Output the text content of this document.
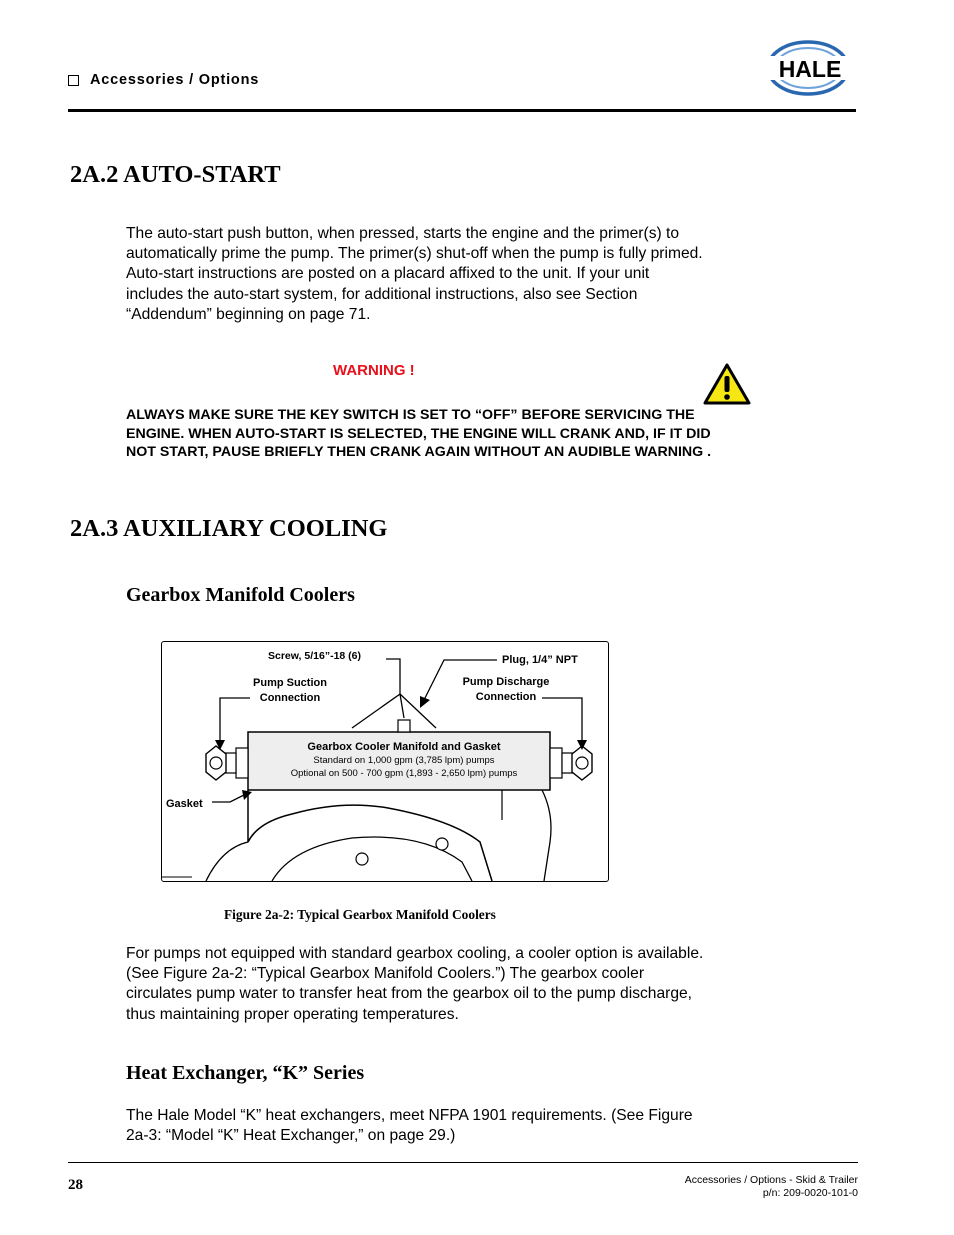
Accessories / Options	HALE
2A.2 AUTO-START
The auto-start push button, when pressed, starts the engine and the primer(s) to automatically prime the pump. The primer(s) shut-off when the pump is fully primed. Auto-start instructions are posted on a placard affixed to the unit. If your unit includes the auto-start system, for additional instructions, also see Section “Addendum” beginning on page 71.
WARNING !
ALWAYS MAKE SURE THE KEY SWITCH IS SET TO “OFF” BEFORE SERVICING THE ENGINE. WHEN AUTO-START IS SELECTED, THE ENGINE WILL CRANK AND, IF IT DID NOT START, PAUSE BRIEFLY THEN CRANK AGAIN WITHOUT AN AUDIBLE WARNING .
2A.3 AUXILIARY COOLING
Gearbox Manifold Coolers
Screw, 5/16”-18 (6)	Plug, 1/4” NPT
Pump Suction
Connection
Pump Discharge
Connection
Gearbox Cooler Manifold and Gasket
Standard on 1,000 gpm (3,785 lpm) pumps
Optional on 500 - 700 gpm (1,893 - 2,650 lpm) pumps
Gasket
Figure 2a-2: Typical Gearbox Manifold Coolers
For pumps not equipped with standard gearbox cooling, a cooler option is available. (See Figure 2a-2: “Typical Gearbox Manifold Coolers.”) The gearbox cooler circulates pump water to transfer heat from the gearbox oil to the pump discharge, thus maintaining proper operating temperatures.
Heat Exchanger, “K” Series
The Hale Model “K” heat exchangers, meet NFPA 1901 requirements. (See Figure 2a-3: “Model “K” Heat Exchanger,” on page 29.)
28	Accessories / Options - Skid & Trailer
p/n: 209-0020-101-0
